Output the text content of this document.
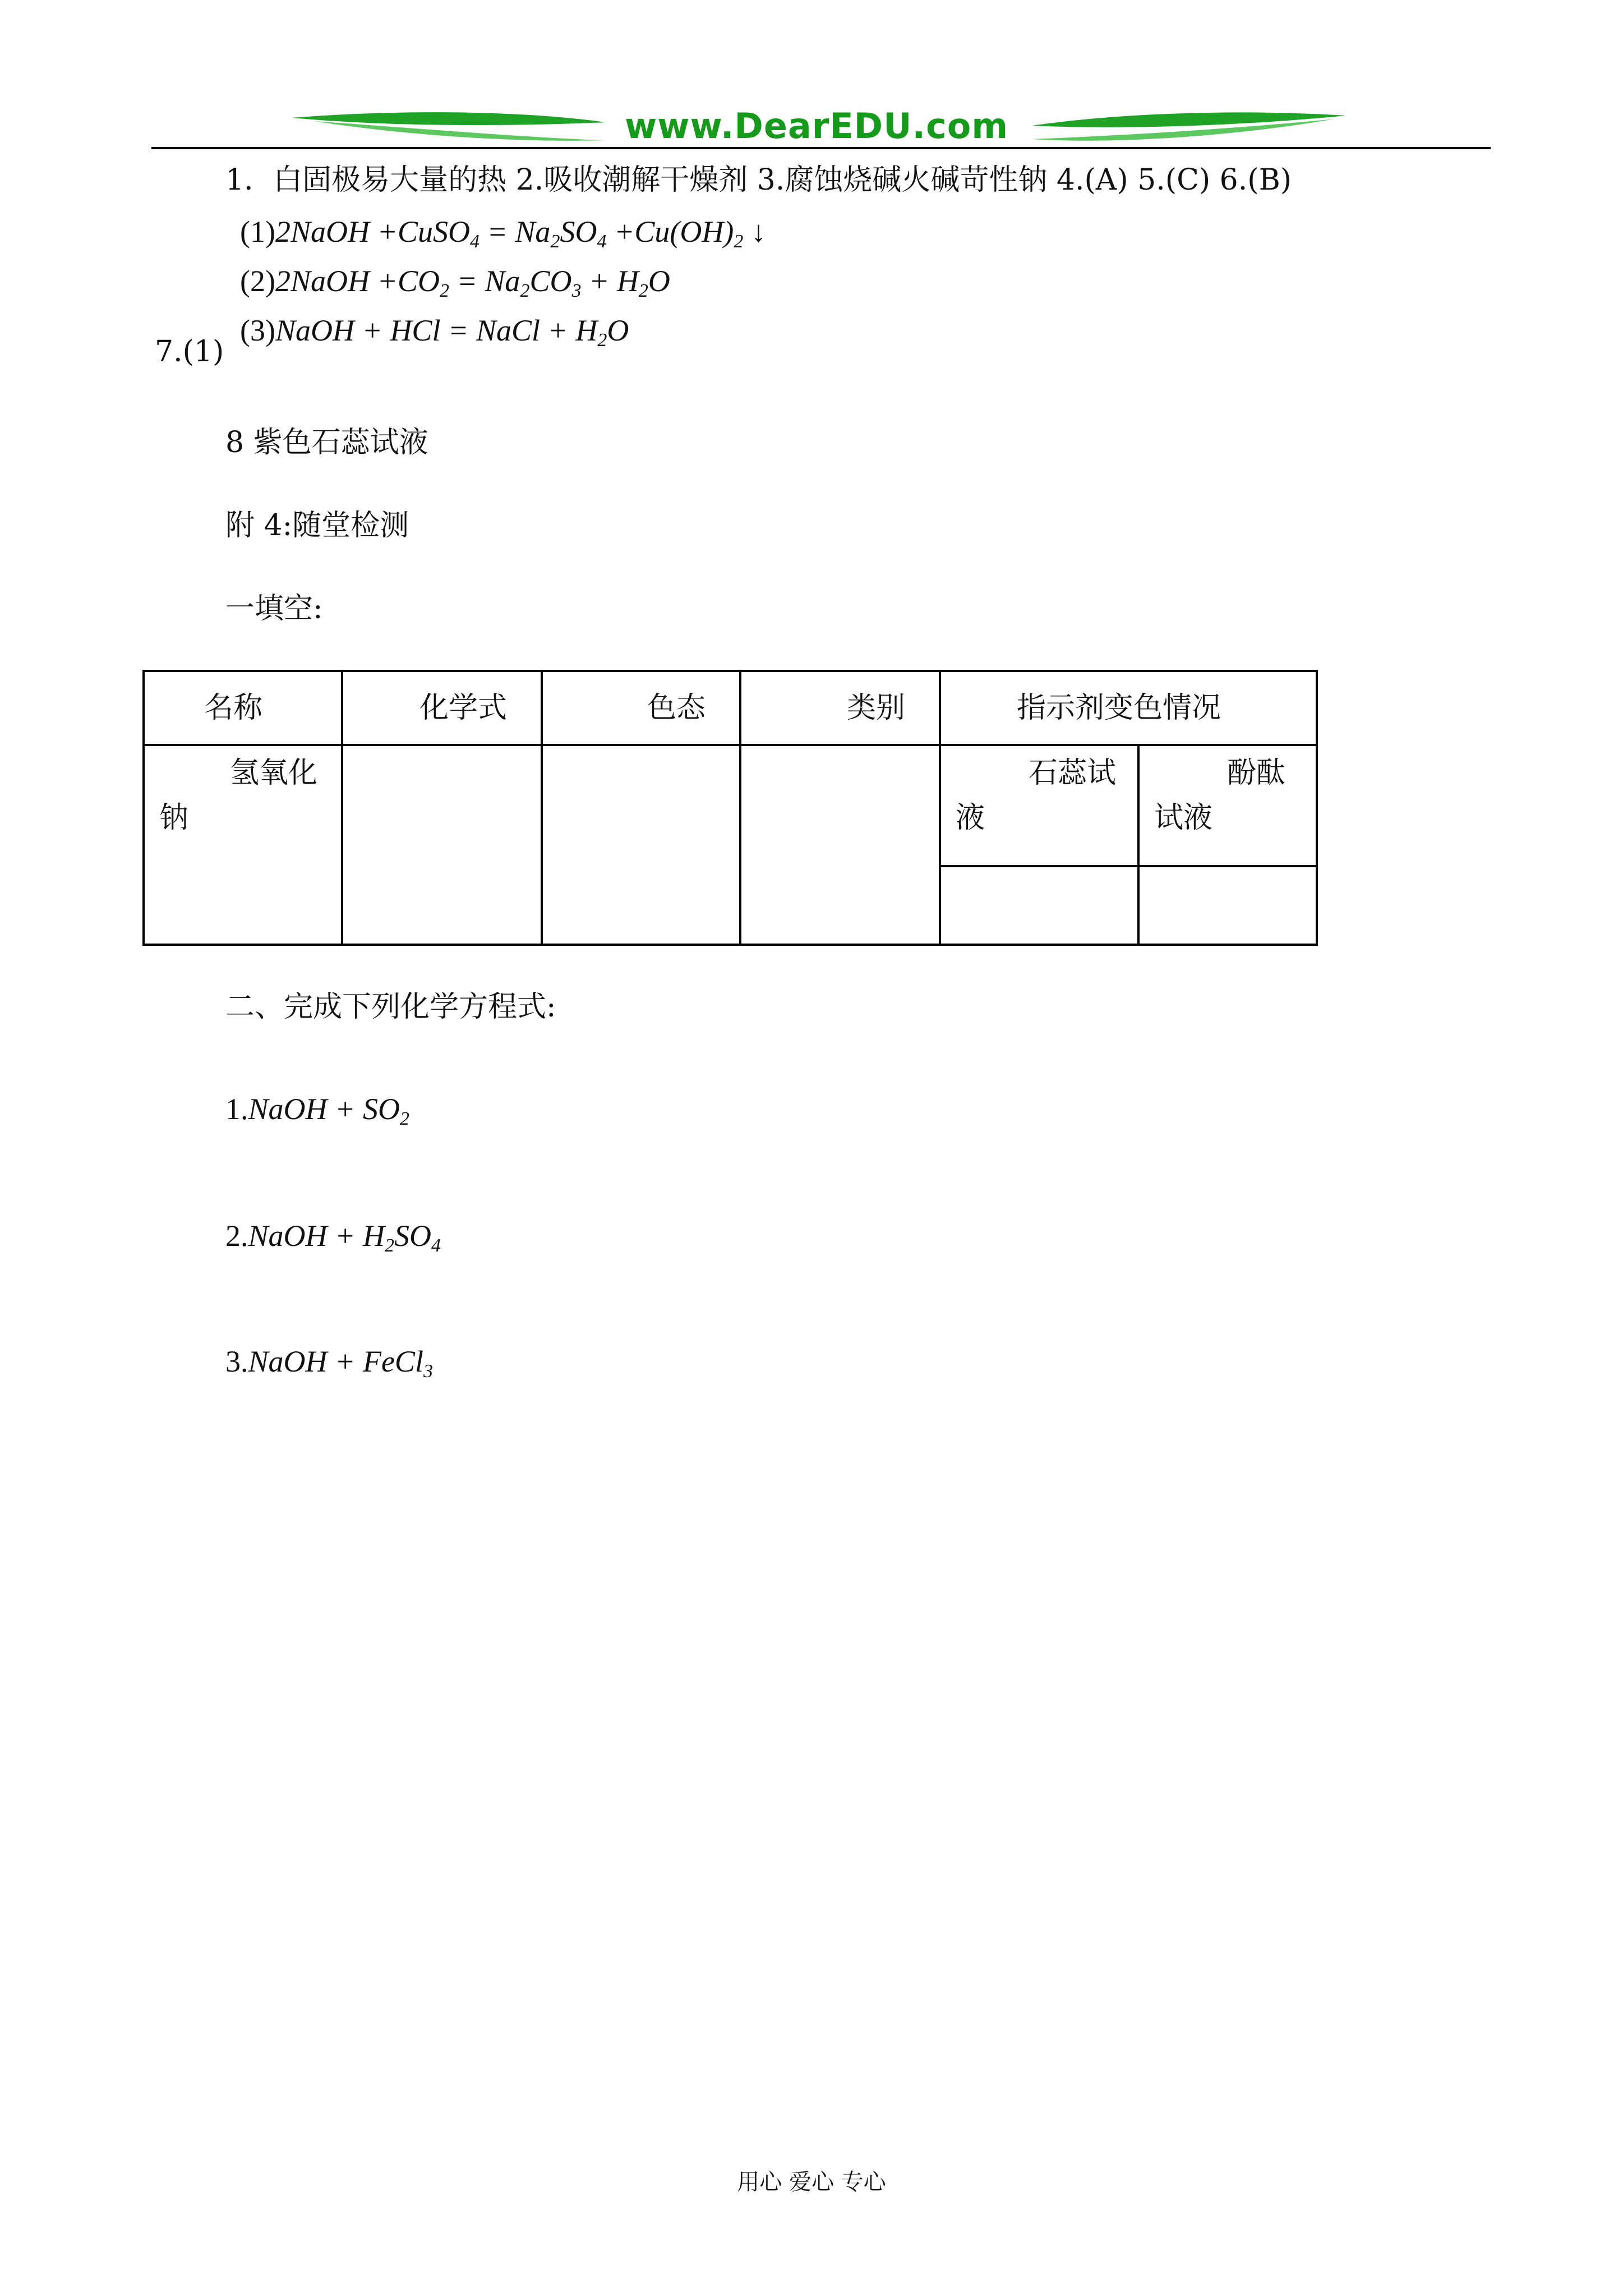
www.DearEDU.com
1．白固极易大量的热 2.吸收潮解干燥剂 3.腐蚀烧碱火碱苛性钠 4.(A) 5.(C) 6.(B)
(1)2NaOH +CuSO$_4$ = $Na_2SO_4 +Cu(OH)_2$ ↓
(2)2NaOH $+CO_2 = Na_2CO_3 + H_2O$
7.(1)
(3)NaOH + HCl = NaCl + $H_2O$
8 紫色石蕊试液
附 4:随堂检测
一填空:
名称	化学式	色态	类别	指示剂变色情况	
氢氧化钠				石蕊试液	酚酞试液

二、完成下列化学方程式:
1.NaOH + $SO_2$
2.NaOH + $H_2SO_4$
3.NaOH + FeCl$_3$
用心 爱心 专心
